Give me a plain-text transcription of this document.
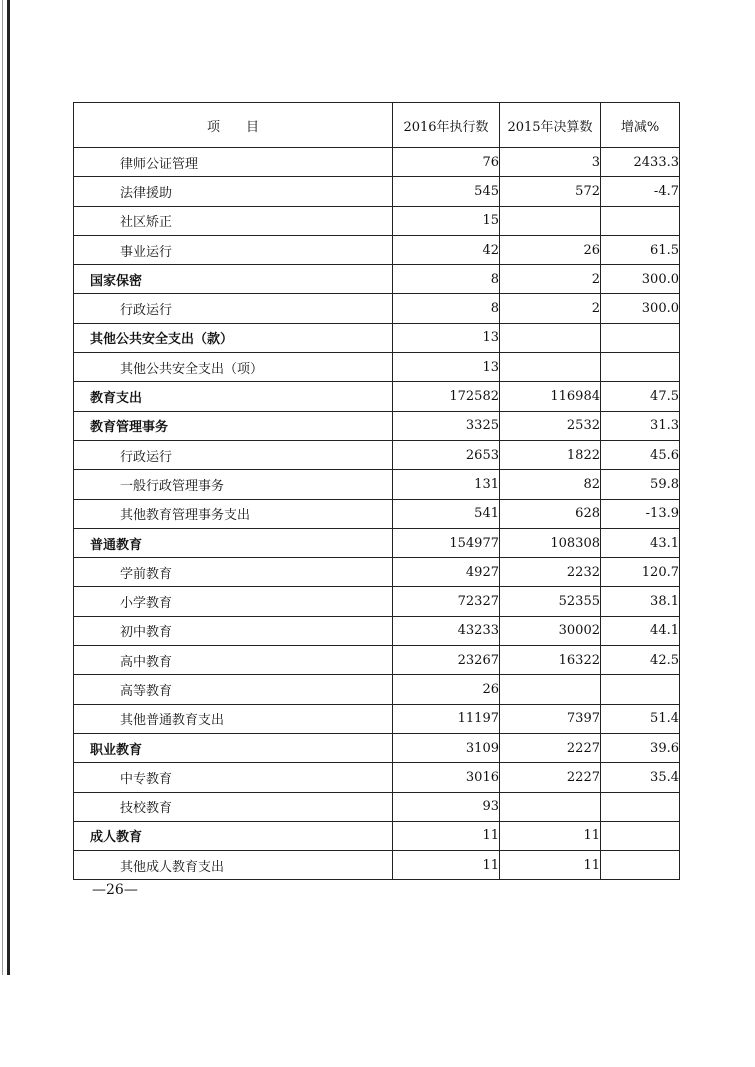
项　　目	2016年执行数	2015年决算数	增减%
律师公证管理	76	3	2433.3
法律援助	545	572	-4.7
社区矫正	15		
事业运行	42	26	61.5
国家保密	8	2	300.0
行政运行	8	2	300.0
其他公共安全支出（款）	13		
其他公共安全支出（项）	13		
教育支出	172582	116984	47.5
教育管理事务	3325	2532	31.3
行政运行	2653	1822	45.6
一般行政管理事务	131	82	59.8
其他教育管理事务支出	541	628	-13.9
普通教育	154977	108308	43.1
学前教育	4927	2232	120.7
小学教育	72327	52355	38.1
初中教育	43233	30002	44.1
高中教育	23267	16322	42.5
高等教育	26		
其他普通教育支出	11197	7397	51.4
职业教育	3109	2227	39.6
中专教育	3016	2227	35.4
技校教育	93		
成人教育	11	11	
其他成人教育支出	11	11	
—26—
